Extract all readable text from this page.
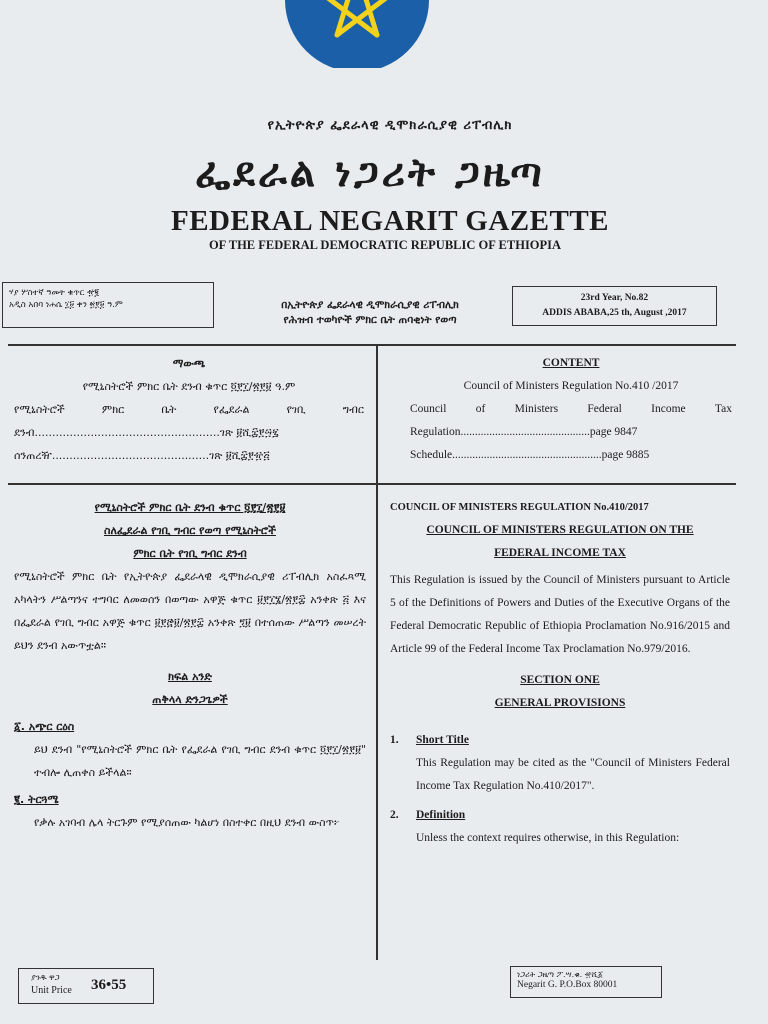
የኢትዮጵያ ፌደራላዊ ዲሞክራሲያዊ ሪፐብሊክ
ፌደራል ነጋሪት ጋዜጣ
FEDERAL NEGARIT GAZETTE
OF THE FEDERAL DEMOCRATIC REPUBLIC OF ETHIOPIA
ሃያ ሦስተኛ ዓመት ቁጥር ፹፪
አዲስ አበባ ነሐሴ ፲፱ ቀን ፳፻፱ ዓ.ም	በኢትዮጵያ ፌደራላዊ ዲሞክራሲያዊ ሪፐብሊክ
የሕዝብ ተወካዮች ምክር ቤት ጠባቂነት የወጣ
23rd Year, No.82
ADDIS ABABA,25 th, August ,2017
ማውጫ
የሚኒስትሮች ምክር ቤት ደንብ ቁጥር ፬፻፲/፳፻፱ ዓ.ም
የሚኒስትሮች	ምክር	ቤት	የፌደራል	የገቢ	ግብር
ደንብ.....................................................ገጽ ፱ሺ፰፻፵፯
ሰንጠረዥ.............................................ገጽ ፱ሺ፰፻፹፭
CONTENT
Council of Ministers Regulation No.410 /2017
Council	of	Ministers	Federal	Income	Tax
Regulation.............................................page 9847
Schedule....................................................page 9885
የሚኒስትሮች ምክር ቤት ደንብ ቁጥር ፬፻፲/፳፻፱
ስለፌደራል የገቢ ግብር የወጣ የሚኒስትሮች
ምክር ቤት የገቢ ግብር ደንብ
የሚኒስትሮች ምክር ቤት የኢትዮጵያ ፌደራላዊ ዲሞክራሲያዊ ሪፐብሊክ አስፈጻሚ አካላትን ሥልጣንና ተግባር ለመወሰን በወጣው አዋጅ ቁጥር ፱፻፲፮/፳፻፰ አንቀጽ ፭ እና በፌደራል የገቢ ግብር አዋጅ ቁጥር ፱፻፸፱/፳፻፰ አንቀጽ ፺፱ በተሰጠው ሥልጣን መሠረት ይህን ደንብ አውጥቷል።
ክፍል አንድ
ጠቅላላ ድንጋጌዎች
፩. አጭር ርዕስ
ይህ ደንብ "የሚኒስትሮች ምክር ቤት የፌደራል የገቢ ግብር ደንብ ቁጥር ፬፻፲/፳፻፱" ተብሎ ሊጠቀስ ይችላል።
፪. ትርጓሜ
የቃሉ አገባብ ሌላ ትርጉም የሚያሰጠው ካልሆነ በስተቀር በዚህ ደንብ ውስጥ፦
COUNCIL OF MINISTERS REGULATION No.410/2017
COUNCIL OF MINISTERS REGULATION ON THE
FEDERAL INCOME TAX
This Regulation is issued by the Council of Ministers pursuant to Article 5 of the Definitions of Powers and Duties of the Executive Organs of the Federal Democratic Republic of Ethiopia Proclamation No.916/2015 and Article 99 of the Federal Income Tax Proclamation No.979/2016.
SECTION ONE
GENERAL PROVISIONS
1.	Short Title
This Regulation may be cited as the "Council of Ministers Federal Income Tax Regulation No.410/2017".
2.	Definition
Unless the context requires otherwise, in this Regulation:
ያንዱ ዋጋ
Unit Price 36•55
ነጋሪት ጋዜጣ ፖ.ሣ.ቁ. ፹ሺ፩
Negarit G. P.O.Box 80001
